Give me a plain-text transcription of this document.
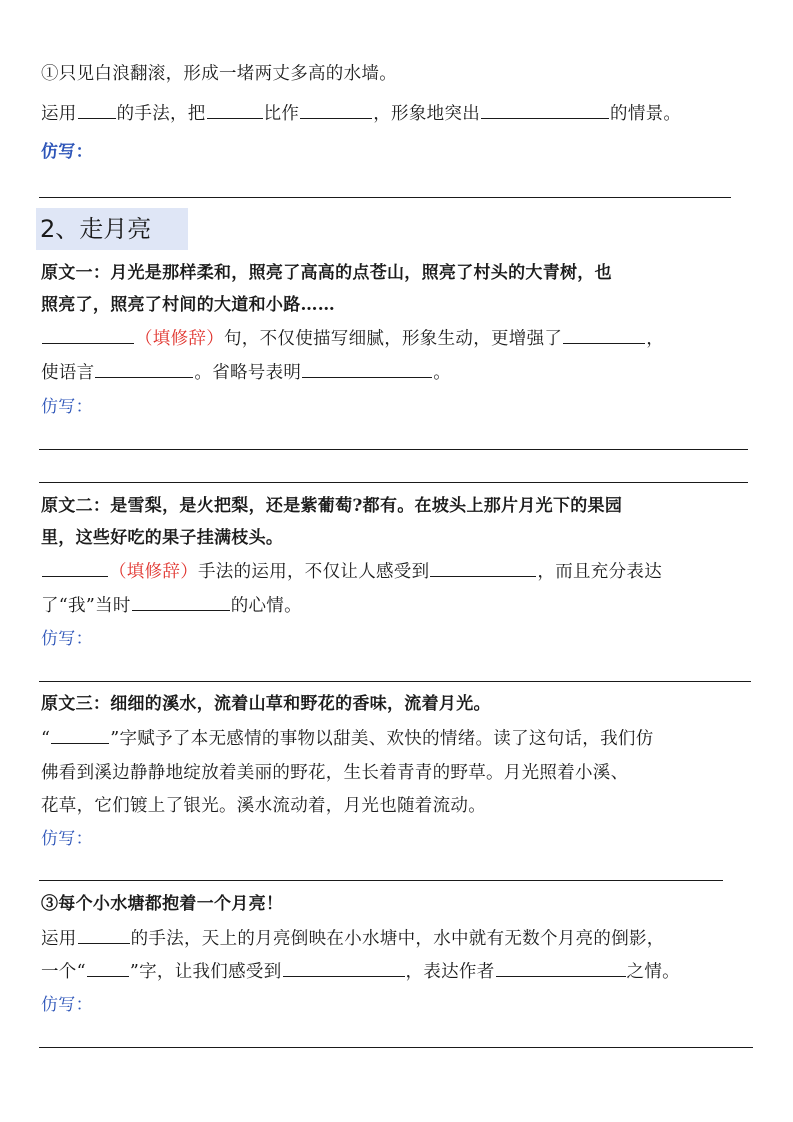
①只见白浪翻滚，形成一堵两丈多高的水墙。
运用 的手法，把	比作	，形象地突出	的情景。
仿写：
2、走月亮
原文一：月光是那样柔和，照亮了高高的点苍山，照亮了村头的大青树，也
照亮了，照亮了村间的大道和小路……
（填修辞）句，不仅使描写细腻，形象生动，更增强了	，
使语言	。省略号表明	。
仿写：
原文二：是雪梨，是火把梨，还是紫葡萄?都有。在坡头上那片月光下的果园
里，这些好吃的果子挂满枝头。
（填修辞）手法的运用，不仅让人感受到	，而且充分表达
了“我”当时	的心情。
仿写：
原文三：细细的溪水，流着山草和野花的香味，流着月光。
“	”字赋予了本无感情的事物以甜美、欢快的情绪。读了这句话，我们仿
佛看到溪边静静地绽放着美丽的野花，生长着青青的野草。月光照着小溪、
花草，它们镀上了银光。溪水流动着，月光也随着流动。
仿写：
③每个小水塘都抱着一个月亮！
运用	的手法，天上的月亮倒映在小水塘中，水中就有无数个月亮的倒影，
一个“	”字，让我们感受到	，表达作者	之情。
仿写：
